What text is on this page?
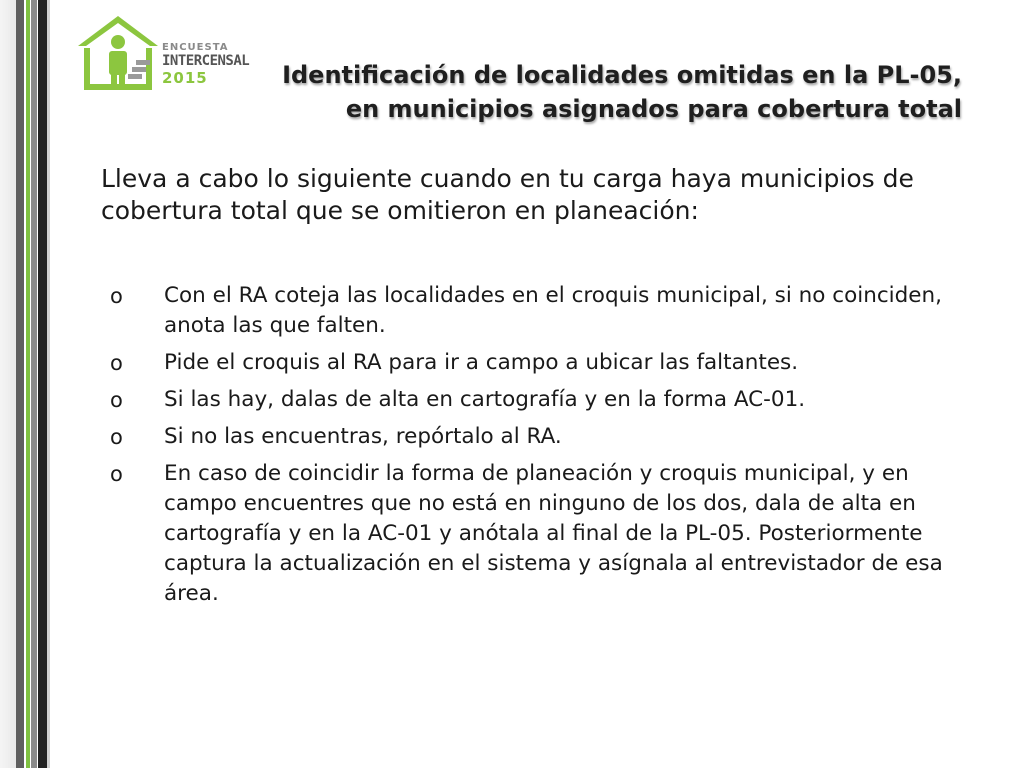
ENCUESTA
INTERCENSAL
2015	Identificación de localidades omitidas en la PL-05,
en municipios asignados para cobertura total
Lleva a cabo lo siguiente cuando en tu carga haya municipios de cobertura total que se omitieron en planeación:
o	Con el RA coteja las localidades en el croquis municipal, si no coinciden, anota las que falten.
o	Pide el croquis al RA para ir a campo a ubicar las faltantes.
o	Si las hay, dalas de alta en cartografía y en la forma AC-01.
o	Si no las encuentras, repórtalo al RA.
o	En caso de coincidir la forma de planeación y croquis municipal, y en campo encuentres que no está en ninguno de los dos, dala de alta en cartografía y en la AC-01 y anótala al final de la PL-05. Posteriormente captura la actualización en el sistema y asígnala al entrevistador de esa área.
